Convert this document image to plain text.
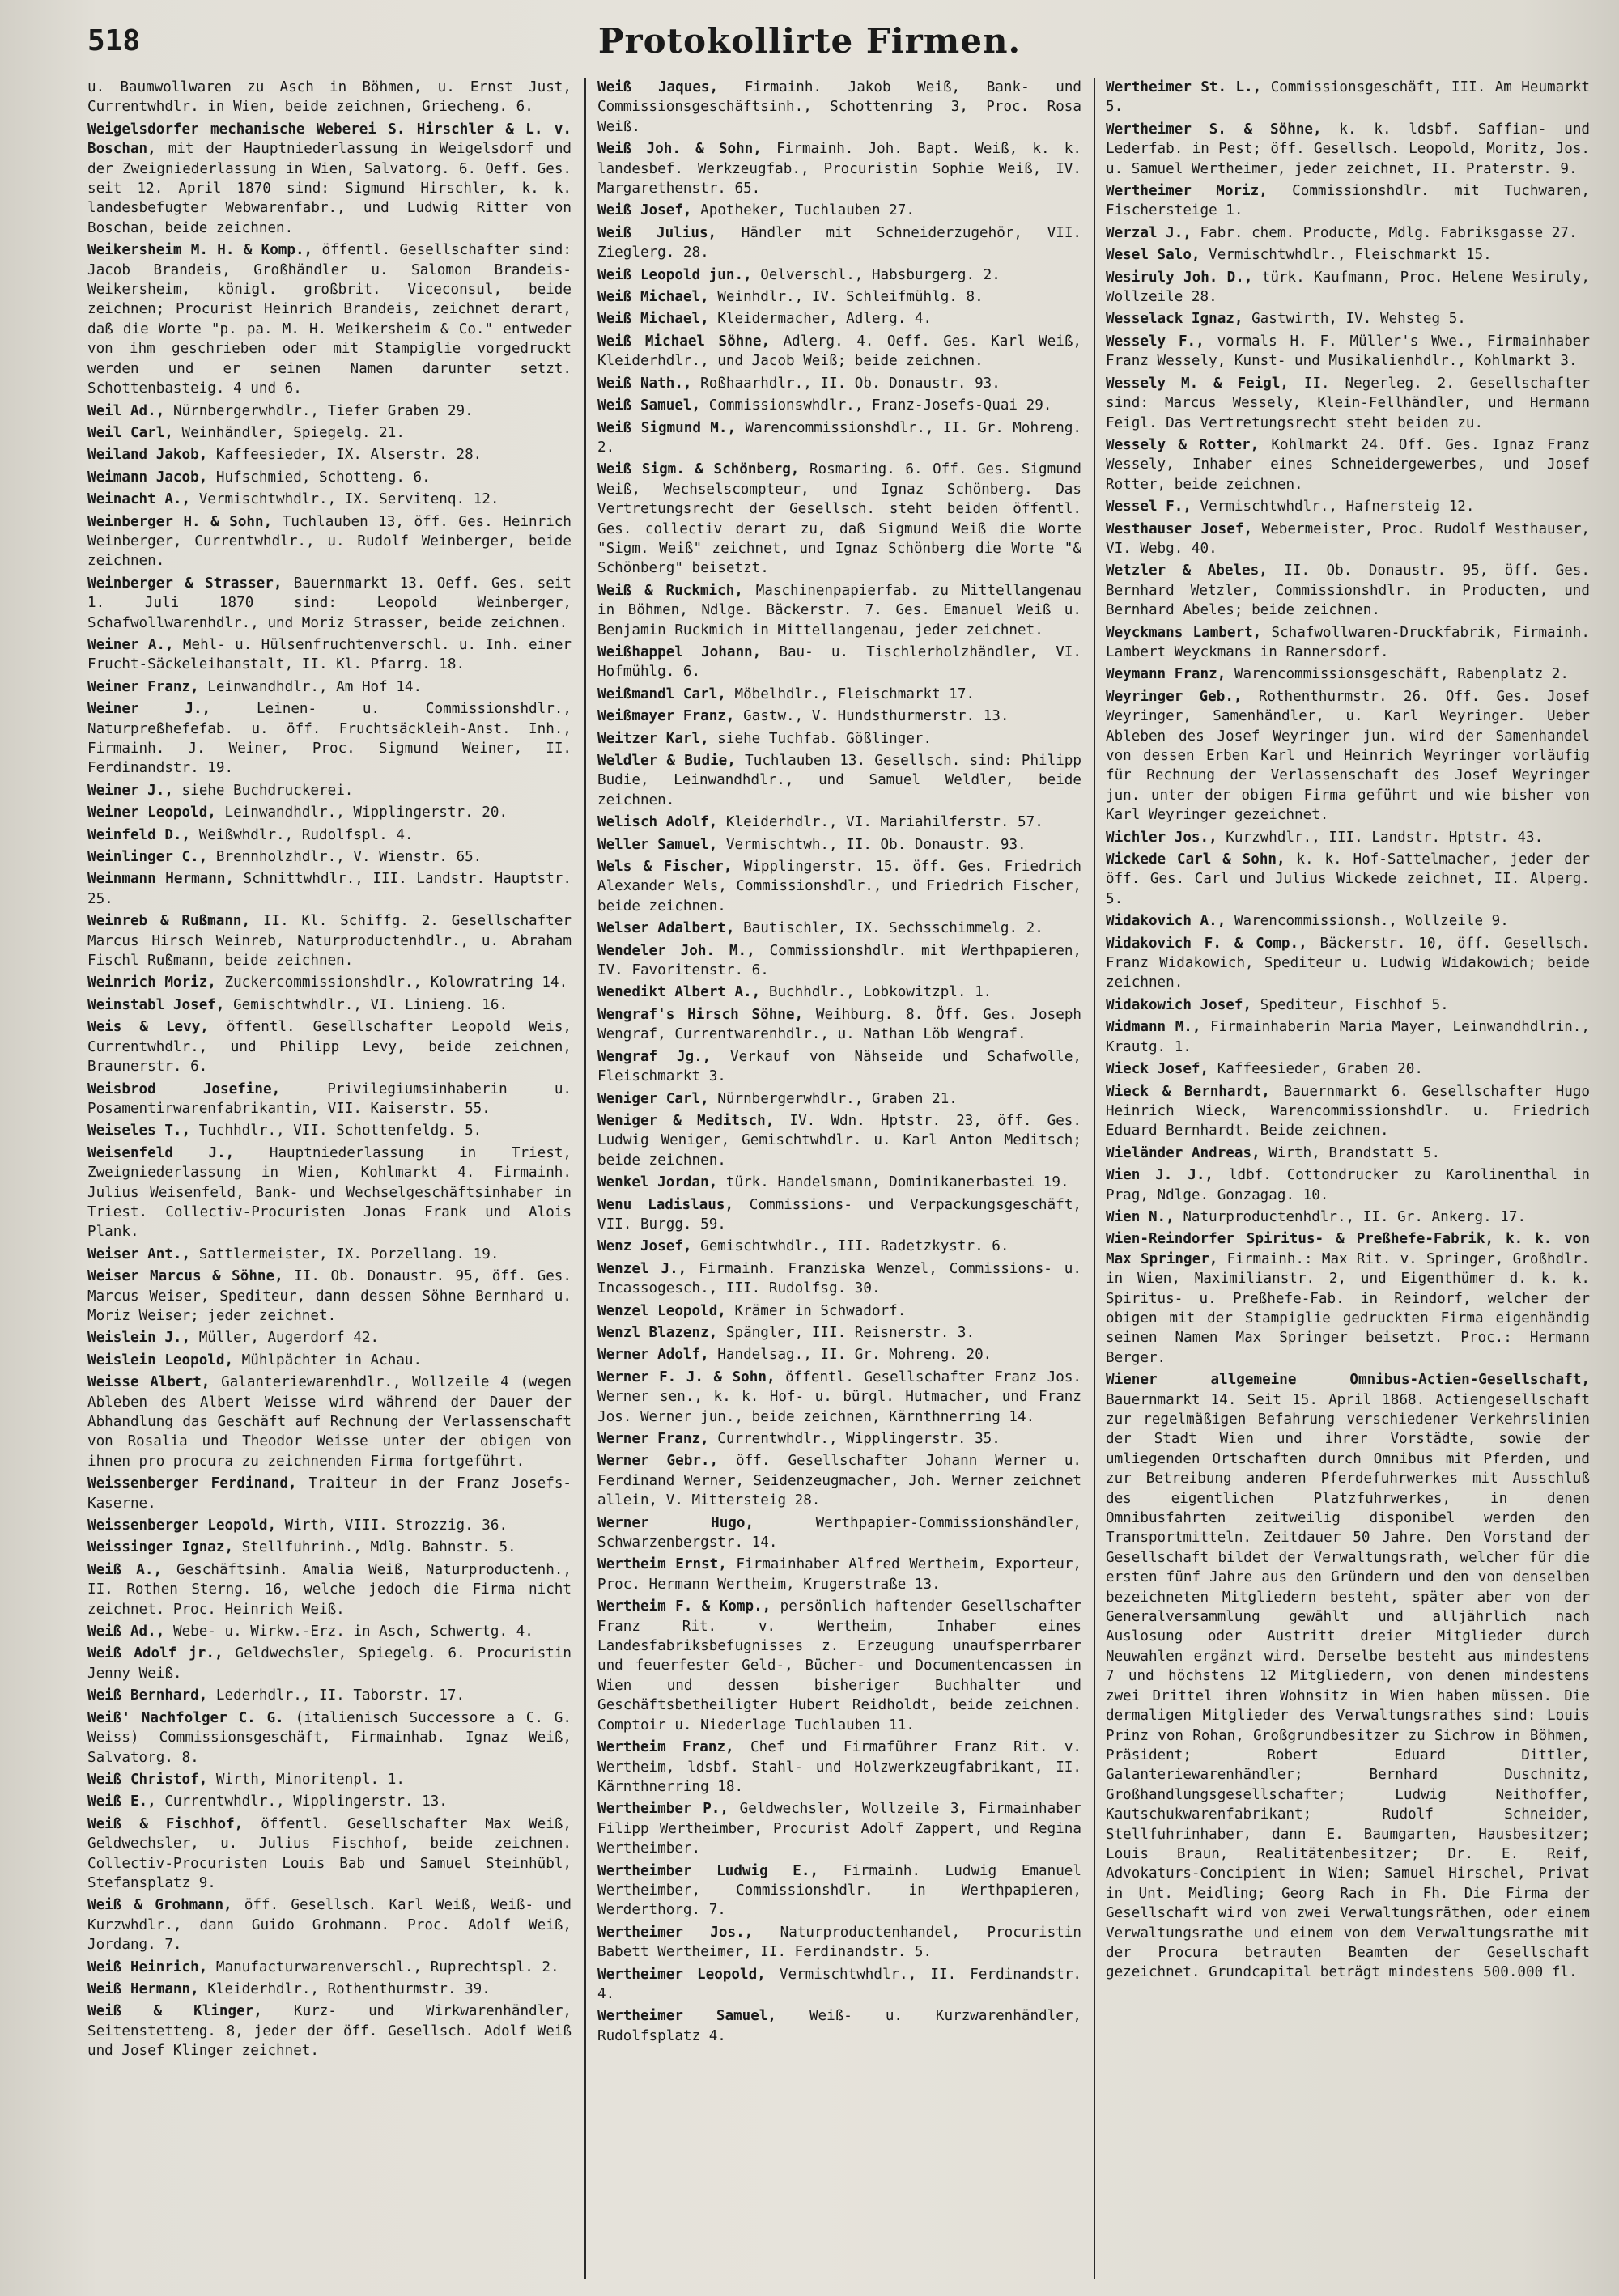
518	Protokollirte Firmen.

u. Baumwollwaren zu Asch in Böhmen, u. Ernst Just, Currentwhdlr. in Wien, beide zeichnen, Griecheng. 6.

Weigelsdorfer mechanische Weberei S. Hirschler & L. v. Boschan, mit der Hauptniederlassung in Weigelsdorf und der Zweigniederlassung in Wien, Salvatorg. 6. Oeff. Ges. seit 12. April 1870 sind: Sigmund Hirschler, k. k. landesbefugter Webwarenfabr., und Ludwig Ritter von Boschan, beide zeichnen.

Weikersheim M. H. & Komp., öffentl. Gesellschafter sind: Jacob Brandeis, Großhändler u. Salomon Brandeis-Weikersheim, königl. großbrit. Viceconsul, beide zeichnen; Procurist Heinrich Brandeis, zeichnet derart, daß die Worte "p. pa. M. H. Weikersheim & Co." entweder von ihm geschrieben oder mit Stampiglie vorgedruckt werden und er seinen Namen darunter setzt. Schottenbasteig. 4 und 6.

Weil Ad., Nürnbergerwhdlr., Tiefer Graben 29.

Weil Carl, Weinhändler, Spiegelg. 21.

Weiland Jakob, Kaffeesieder, IX. Alserstr. 28.

Weimann Jacob, Hufschmied, Schotteng. 6.

Weinacht A., Vermischtwhdlr., IX. Servitenq. 12.

Weinberger H. & Sohn, Tuchlauben 13, öff. Ges. Heinrich Weinberger, Currentwhdlr., u. Rudolf Weinberger, beide zeichnen.

Weinberger & Strasser, Bauernmarkt 13. Oeff. Ges. seit 1. Juli 1870 sind: Leopold Weinberger, Schafwollwarenhdlr., und Moriz Strasser, beide zeichnen.

Weiner A., Mehl- u. Hülsenfruchtenverschl. u. Inh. einer Frucht-Säckeleihanstalt, II. Kl. Pfarrg. 18.

Weiner Franz, Leinwandhdlr., Am Hof 14.

Weiner J.,	Leinen- u. Commissionshdlr., Naturpreßhefefab. u. öff. Fruchtsäckleih-Anst. Inh., Firmainh. J. Weiner, Proc. Sigmund Weiner, II. Ferdinandstr. 19.

Weiner J., siehe Buchdruckerei.

Weiner Leopold, Leinwandhdlr., Wipplingerstr. 20.

Weinfeld D., Weißwhdlr., Rudolfspl. 4.

Weinlinger C., Brennholzhdlr., V. Wienstr. 65.

Weinmann Hermann, Schnittwhdlr., III. Landstr. Hauptstr. 25.

Weinreb & Rußmann, II. Kl. Schiffg. 2. Gesellschafter Marcus Hirsch Weinreb, Naturproductenhdlr., u. Abraham Fischl Rußmann, beide zeichnen.

Weinrich Moriz, Zuckercommissionshdlr., Kolowratring 14.

Weinstabl Josef, Gemischtwhdlr., VI. Linieng. 16.

Weis & Levy, öffentl. Gesellschafter Leopold Weis, Currentwhdlr., und Philipp Levy, beide zeichnen, Braunerstr. 6.

Weisbrod Josefine,	Privilegiumsinhaberin u. Posamentirwarenfabrikantin, VII. Kaiserstr. 55.

Weiseles T., Tuchhdlr., VII. Schottenfeldg. 5.

Weisenfeld J., Hauptniederlassung in Triest, Zweigniederlassung in Wien, Kohlmarkt 4. Firmainh. Julius Weisenfeld, Bank- und Wechselgeschäftsinhaber in Triest. Collectiv-Procuristen Jonas Frank und Alois Plank.

Weiser Ant., Sattlermeister, IX. Porzellang. 19.

Weiser Marcus & Söhne, II. Ob. Donaustr. 95, öff. Ges. Marcus Weiser, Spediteur, dann dessen Söhne Bernhard u. Moriz Weiser; jeder zeichnet.

Weislein J., Müller, Augerdorf 42.

Weislein Leopold, Mühlpächter in Achau.

Weisse Albert, Galanteriewarenhdlr., Wollzeile 4 (wegen Ableben des Albert Weisse wird während der Dauer der Abhandlung das Geschäft auf Rechnung der Verlassenschaft von Rosalia und Theodor Weisse unter der obigen von ihnen pro procura zu zeichnenden Firma fortgeführt.

Weissenberger Ferdinand, Traiteur in der Franz Josefs-Kaserne.

Weissenberger Leopold, Wirth, VIII. Strozzig. 36.

Weissinger Ignaz, Stellfuhrinh., Mdlg. Bahnstr. 5.

Weiß A., Geschäftsinh. Amalia Weiß, Naturproductenh., II. Rothen Sterng. 16, welche jedoch die Firma nicht zeichnet. Proc. Heinrich Weiß.

Weiß Ad., Webe- u. Wirkw.-Erz. in Asch, Schwertg. 4.

Weiß Adolf jr., Geldwechsler, Spiegelg. 6. Procuristin Jenny Weiß.

Weiß Bernhard, Lederhdlr., II. Taborstr. 17.

Weiß' Nachfolger C. G. (italienisch Successore a C. G. Weiss) Commissionsgeschäft, Firmainhab. Ignaz Weiß, Salvatorg. 8.

Weiß Christof, Wirth, Minoritenpl. 1.

Weiß E., Currentwhdlr., Wipplingerstr. 13.

Weiß & Fischhof, öffentl. Gesellschafter Max Weiß, Geldwechsler, u. Julius Fischhof, beide zeichnen. Collectiv-Procuristen Louis Bab und Samuel Steinhübl, Stefansplatz 9.

Weiß & Grohmann, öff. Gesellsch. Karl Weiß, Weiß- und Kurzwhdlr., dann Guido Grohmann. Proc. Adolf Weiß, Jordang. 7.

Weiß Heinrich, Manufacturwarenverschl., Ruprechtspl. 2.

Weiß Hermann, Kleiderhdlr., Rothenthurmstr. 39.

Weiß & Klinger, Kurz- und Wirkwarenhändler, Seitenstetteng. 8, jeder der öff. Gesellsch. Adolf Weiß und Josef Klinger zeichnet.

Weiß Jaques, Firmainh. Jakob Weiß, Bank- und Commissionsgeschäftsinh., Schottenring 3, Proc. Rosa Weiß.

Weiß Joh. & Sohn, Firmainh. Joh. Bapt. Weiß, k. k. landesbef. Werkzeugfab., Procuristin Sophie Weiß, IV. Margarethenstr. 65.

Weiß Josef, Apotheker, Tuchlauben 27.

Weiß Julius, Händler mit Schneiderzugehör, VII. Zieglerg. 28.

Weiß Leopold jun., Oelverschl., Habsburgerg. 2.

Weiß Michael, Weinhdlr., IV. Schleifmühlg. 8.

Weiß Michael, Kleidermacher, Adlerg. 4.

Weiß Michael Söhne, Adlerg. 4. Oeff. Ges. Karl Weiß, Kleiderhdlr., und Jacob Weiß; beide zeichnen.

Weiß Nath., Roßhaarhdlr., II. Ob. Donaustr. 93.

Weiß Samuel, Commissionswhdlr., Franz-Josefs-Quai 29.

Weiß Sigmund M., Warencommissionshdlr., II. Gr. Mohreng. 2.

Weiß Sigm. & Schönberg, Rosmaring. 6. Off. Ges. Sigmund Weiß, Wechselscompteur, und Ignaz Schönberg. Das Vertretungsrecht der Gesellsch. steht beiden öffentl. Ges. collectiv derart zu, daß Sigmund Weiß die Worte "Sigm. Weiß" zeichnet, und Ignaz Schönberg die Worte "& Schönberg" beisetzt.

Weiß & Ruckmich, Maschinenpapierfab. zu Mittellangenau in Böhmen, Ndlge. Bäckerstr. 7. Ges. Emanuel Weiß u. Benjamin Ruckmich in Mittellangenau, jeder zeichnet.

Weißhappel Johann, Bau- u. Tischlerholzhändler, VI. Hofmühlg. 6.

Weißmandl Carl, Möbelhdlr., Fleischmarkt 17.

Weißmayer Franz, Gastw., V. Hundsthurmerstr. 13.

Weitzer Karl, siehe Tuchfab. Gößlinger.

Weldler & Budie, Tuchlauben 13. Gesellsch. sind: Philipp Budie, Leinwandhdlr., und Samuel Weldler, beide zeichnen.

Welisch Adolf, Kleiderhdlr., VI. Mariahilferstr. 57.

Weller Samuel, Vermischtwh., II. Ob. Donaustr. 93.

Wels & Fischer, Wipplingerstr. 15. öff. Ges. Friedrich Alexander Wels, Commissionshdlr., und Friedrich Fischer, beide zeichnen.

Welser Adalbert, Bautischler, IX. Sechsschimmelg. 2.

Wendeler Joh. M., Commissionshdlr. mit Werthpapieren, IV. Favoritenstr. 6.

Wenedikt Albert A., Buchhdlr., Lobkowitzpl. 1.

Wengraf's Hirsch Söhne, Weihburg. 8. Öff. Ges. Joseph Wengraf, Currentwarenhdlr., u. Nathan Löb Wengraf.

Wengraf Jg., Verkauf von Nähseide und Schafwolle, Fleischmarkt 3.

Weniger Carl, Nürnbergerwhdlr., Graben 21.

Weniger & Meditsch, IV. Wdn. Hptstr. 23, öff. Ges. Ludwig Weniger, Gemischtwhdlr. u. Karl Anton Meditsch; beide zeichnen.

Wenkel Jordan, türk. Handelsmann, Dominikanerbastei 19.

Wenu Ladislaus, Commissions- und Verpackungsgeschäft, VII. Burgg. 59.

Wenz Josef, Gemischtwhdlr., III. Radetzkystr. 6.

Wenzel J., Firmainh. Franziska Wenzel, Commissions- u. Incassogesch., III. Rudolfsg. 30.

Wenzel Leopold, Krämer in Schwadorf.

Wenzl Blazenz, Spängler, III. Reisnerstr. 3.

Werner Adolf, Handelsag., II. Gr. Mohreng. 20.

Werner F. J. & Sohn, öffentl. Gesellschafter Franz Jos. Werner sen., k. k. Hof- u. bürgl. Hutmacher, und Franz Jos. Werner jun., beide zeichnen, Kärnthnerring 14.

Werner Franz, Currentwhdlr., Wipplingerstr. 35.

Werner Gebr., öff. Gesellschafter Johann Werner u. Ferdinand Werner, Seidenzeugmacher, Joh. Werner zeichnet allein, V. Mittersteig 28.

Werner Hugo,	Werthpapier-Commissionshändler, Schwarzenbergstr. 14.

Wertheim Ernst, Firmainhaber Alfred Wertheim, Exporteur, Proc. Hermann Wertheim, Krugerstraße 13.

Wertheim F. & Komp., persönlich haftender Gesellschafter Franz Rit. v. Wertheim, Inhaber eines Landesfabriksbefugnisses z. Erzeugung unaufsperrbarer und feuerfester Geld-, Bücher- und Documentencassen in Wien und dessen bisheriger Buchhalter und Geschäftsbetheiligter Hubert Reidholdt, beide zeichnen. Comptoir u. Niederlage Tuchlauben 11.

Wertheim Franz, Chef und Firmaführer Franz Rit. v. Wertheim, ldsbf. Stahl- und Holzwerkzeugfabrikant, II. Kärnthnerring 18.

Wertheimber P., Geldwechsler, Wollzeile 3, Firmainhaber Filipp Wertheimber, Procurist Adolf Zappert, und Regina Wertheimber.

Wertheimber Ludwig E., Firmainh. Ludwig Emanuel Wertheimber, Commissionshdlr. in Werthpapieren, Werderthorg. 7.

Wertheimer Jos., Naturproductenhandel, Procuristin Babett Wertheimer, II. Ferdinandstr. 5.

Wertheimer Leopold, Vermischtwhdlr., II. Ferdinandstr. 4.

Wertheimer Samuel, Weiß- u. Kurzwarenhändler, Rudolfsplatz 4.

Wertheimer St. L., Commissionsgeschäft, III. Am Heumarkt 5.

Wertheimer S. & Söhne, k. k. ldsbf. Saffian- und Lederfab. in Pest; öff. Gesellsch. Leopold, Moritz, Jos. u. Samuel Wertheimer, jeder zeichnet, II. Praterstr. 9.

Wertheimer Moriz, Commissionshdlr. mit Tuchwaren, Fischersteige 1.

Werzal J., Fabr. chem. Producte, Mdlg. Fabriksgasse 27.

Wesel Salo, Vermischtwhdlr., Fleischmarkt 15.

Wesiruly Joh. D., türk. Kaufmann, Proc. Helene Wesiruly, Wollzeile 28.

Wesselack Ignaz, Gastwirth, IV. Wehsteg 5.

Wessely F., vormals H. F. Müller's Wwe., Firmainhaber Franz Wessely, Kunst- und Musikalienhdlr., Kohlmarkt 3.

Wessely M. & Feigl, II. Negerleg. 2. Gesellschafter sind: Marcus Wessely, Klein-Fellhändler, und Hermann Feigl. Das Vertretungsrecht steht beiden zu.

Wessely & Rotter, Kohlmarkt 24. Off. Ges. Ignaz Franz Wessely, Inhaber eines Schneidergewerbes, und Josef Rotter, beide zeichnen.

Wessel F., Vermischtwhdlr., Hafnersteig 12.

Westhauser Josef, Webermeister, Proc. Rudolf Westhauser, VI. Webg. 40.

Wetzler & Abeles, II. Ob. Donaustr. 95, öff. Ges. Bernhard Wetzler, Commissionshdlr. in Producten, und Bernhard Abeles; beide zeichnen.

Weyckmans Lambert, Schafwollwaren-Druckfabrik, Firmainh. Lambert Weyckmans in Rannersdorf.

Weymann Franz, Warencommissionsgeschäft, Rabenplatz 2.

Weyringer Geb., Rothenthurmstr. 26. Off. Ges. Josef Weyringer, Samenhändler, u. Karl Weyringer. Ueber Ableben des Josef Weyringer jun. wird der Samenhandel von dessen Erben Karl und Heinrich Weyringer vorläufig für Rechnung der Verlassenschaft des Josef Weyringer jun. unter der obigen Firma geführt und wie bisher von Karl Weyringer gezeichnet.

Wichler Jos., Kurzwhdlr., III. Landstr. Hptstr. 43.

Wickede Carl & Sohn, k. k. Hof-Sattelmacher, jeder der öff. Ges. Carl und Julius Wickede zeichnet, II. Alperg. 5.

Widakovich A., Warencommissionsh., Wollzeile 9.

Widakovich F. & Comp., Bäckerstr. 10, öff. Gesellsch. Franz Widakowich, Spediteur u. Ludwig Widakowich; beide zeichnen.

Widakowich Josef, Spediteur, Fischhof 5.

Widmann M., Firmainhaberin Maria Mayer, Leinwandhdlrin., Krautg. 1.

Wieck Josef, Kaffeesieder, Graben 20.

Wieck & Bernhardt, Bauernmarkt 6. Gesellschafter Hugo Heinrich Wieck, Warencommissionshdlr. u. Friedrich Eduard Bernhardt. Beide zeichnen.

Wieländer Andreas, Wirth, Brandstatt 5.

Wien J. J., ldbf. Cottondrucker zu Karolinenthal in Prag, Ndlge. Gonzagag. 10.

Wien N., Naturproductenhdlr., II. Gr. Ankerg. 17.

Wien-Reindorfer Spiritus- & Preßhefe-Fabrik, k. k. von Max Springer, Firmainh.: Max Rit. v. Springer, Großhdlr. in Wien, Maximilianstr. 2, und Eigenthümer d. k. k. Spiritus- u. Preßhefe-Fab. in Reindorf, welcher der obigen mit der Stampiglie gedruckten Firma eigenhändig seinen Namen Max Springer beisetzt. Proc.: Hermann Berger.

Wiener allgemeine Omnibus-Actien-Gesellschaft, Bauernmarkt 14. Seit 15. April 1868. Actiengesellschaft zur regelmäßigen Befahrung verschiedener Verkehrslinien der Stadt Wien und ihrer Vorstädte, sowie der umliegenden Ortschaften durch Omnibus mit Pferden, und zur Betreibung anderen Pferdefuhrwerkes mit Ausschluß des eigentlichen Platzfuhrwerkes, in denen Omnibusfahrten zeitweilig disponibel werden den Transportmitteln. Zeitdauer 50 Jahre. Den Vorstand der Gesellschaft bildet der Verwaltungsrath, welcher für die ersten fünf Jahre aus den Gründern und den von denselben bezeichneten Mitgliedern besteht, später aber von der Generalversammlung gewählt und alljährlich nach Auslosung oder Austritt dreier Mitglieder durch Neuwahlen ergänzt wird. Derselbe besteht aus mindestens 7 und höchstens 12 Mitgliedern, von denen mindestens zwei Drittel ihren Wohnsitz in Wien haben müssen. Die dermaligen Mitglieder des Verwaltungsrathes sind: Louis Prinz von Rohan, Großgrundbesitzer zu Sichrow in Böhmen, Präsident; Robert Eduard Dittler, Galanteriewarenhändler; Bernhard Duschnitz, Großhandlungsgesellschafter; Ludwig Neithoffer, Kautschukwarenfabrikant; Rudolf Schneider, Stellfuhrinhaber, dann E. Baumgarten, Hausbesitzer; Louis Braun, Realitätenbesitzer; Dr. E. Reif, Advokaturs-Concipient in Wien; Samuel Hirschel, Privat in Unt. Meidling; Georg Rach in Fh. Die Firma der Gesellschaft wird von zwei Verwaltungsräthen, oder einem Verwaltungsrathe und einem von dem Verwaltungsrathe mit der Procura betrauten Beamten der Gesellschaft gezeichnet. Grundcapital beträgt mindestens 500.000 fl.
